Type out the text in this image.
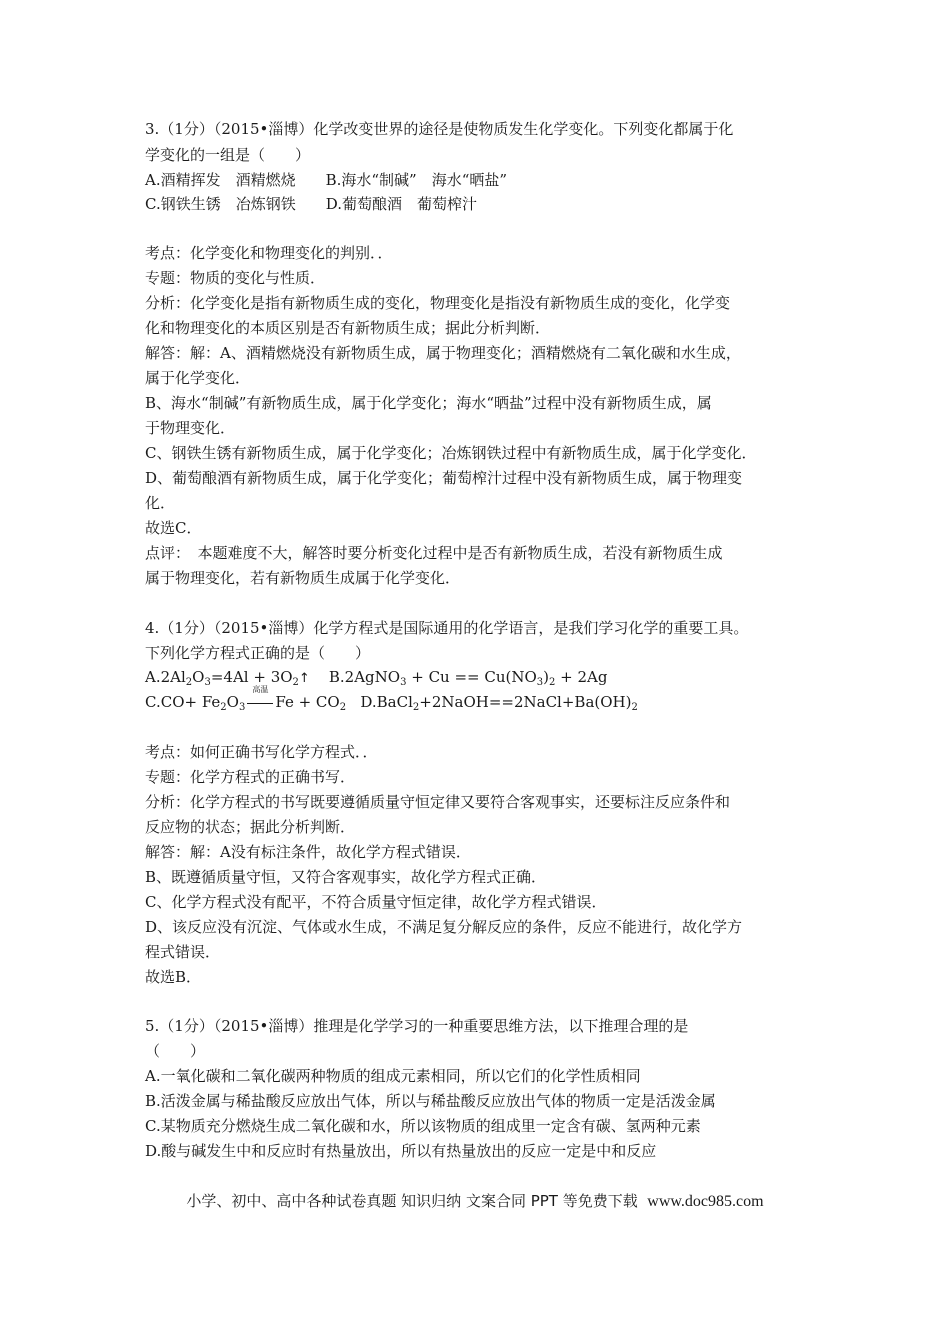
3.（1分）（2015•淄博）化学改变世界的途径是使物质发生化学变化。下列变化都属于化
学变化的一组是（　　）
A.酒精挥发　酒精燃烧　　B.海水“制碱”　海水“晒盐”
C.钢铁生锈　冶炼钢铁　　D.葡萄酿酒　葡萄榨汁
考点：化学变化和物理变化的判别．．
专题：物质的变化与性质．
分析：化学变化是指有新物质生成的变化，物理变化是指没有新物质生成的变化，化学变
化和物理变化的本质区别是否有新物质生成；据此分析判断．
解答：解：A、酒精燃烧没有新物质生成，属于物理变化；酒精燃烧有二氧化碳和水生成，
属于化学变化．
B、海水“制碱”有新物质生成，属于化学变化；海水“晒盐”过程中没有新物质生成，属
于物理变化．
C、钢铁生锈有新物质生成，属于化学变化；冶炼钢铁过程中有新物质生成，属于化学变化．
D、葡萄酿酒有新物质生成，属于化学变化；葡萄榨汁过程中没有新物质生成，属于物理变
化．
故选C．
点评：　本题难度不大，解答时要分析变化过程中是否有新物质生成，若没有新物质生成
属于物理变化，若有新物质生成属于化学变化．
4.（1分）（2015•淄博）化学方程式是国际通用的化学语言，是我们学习化学的重要工具。
下列化学方程式正确的是（　　）
$A.2Al_2O_3=4Al$ + $3O_2↑$ B.2AgNO$_3$ + $Cu == Cu(NO_3)_2 + 2Ag$
$C.CO+ Fe_2O_3$
高温
$Fe + CO_2$ $D.BaCl_2+2NaOH==2NaCl+Ba(OH)_2$
考点：如何正确书写化学方程式．．
专题：化学方程式的正确书写．
分析：化学方程式的书写既要遵循质量守恒定律又要符合客观事实，还要标注反应条件和
反应物的状态；据此分析判断．
解答：解：A没有标注条件，故化学方程式错误．
B、既遵循质量守恒，又符合客观事实，故化学方程式正确．
C、化学方程式没有配平，不符合质量守恒定律，故化学方程式错误．
D、该反应没有沉淀、气体或水生成，不满足复分解反应的条件，反应不能进行，故化学方
程式错误．
故选B．
5.（1分）（2015•淄博）推理是化学学习的一种重要思维方法，以下推理合理的是
（　　）
A.一氧化碳和二氧化碳两种物质的组成元素相同，所以它们的化学性质相同
B.活泼金属与稀盐酸反应放出气体，所以与稀盐酸反应放出气体的物质一定是活泼金属
C.某物质充分燃烧生成二氧化碳和水，所以该物质的组成里一定含有碳、氢两种元素
D.酸与碱发生中和反应时有热量放出，所以有热量放出的反应一定是中和反应
小学、初中、高中各种试卷真题 知识归纳 文案合同 PPT 等免费下载 www.doc985.com
